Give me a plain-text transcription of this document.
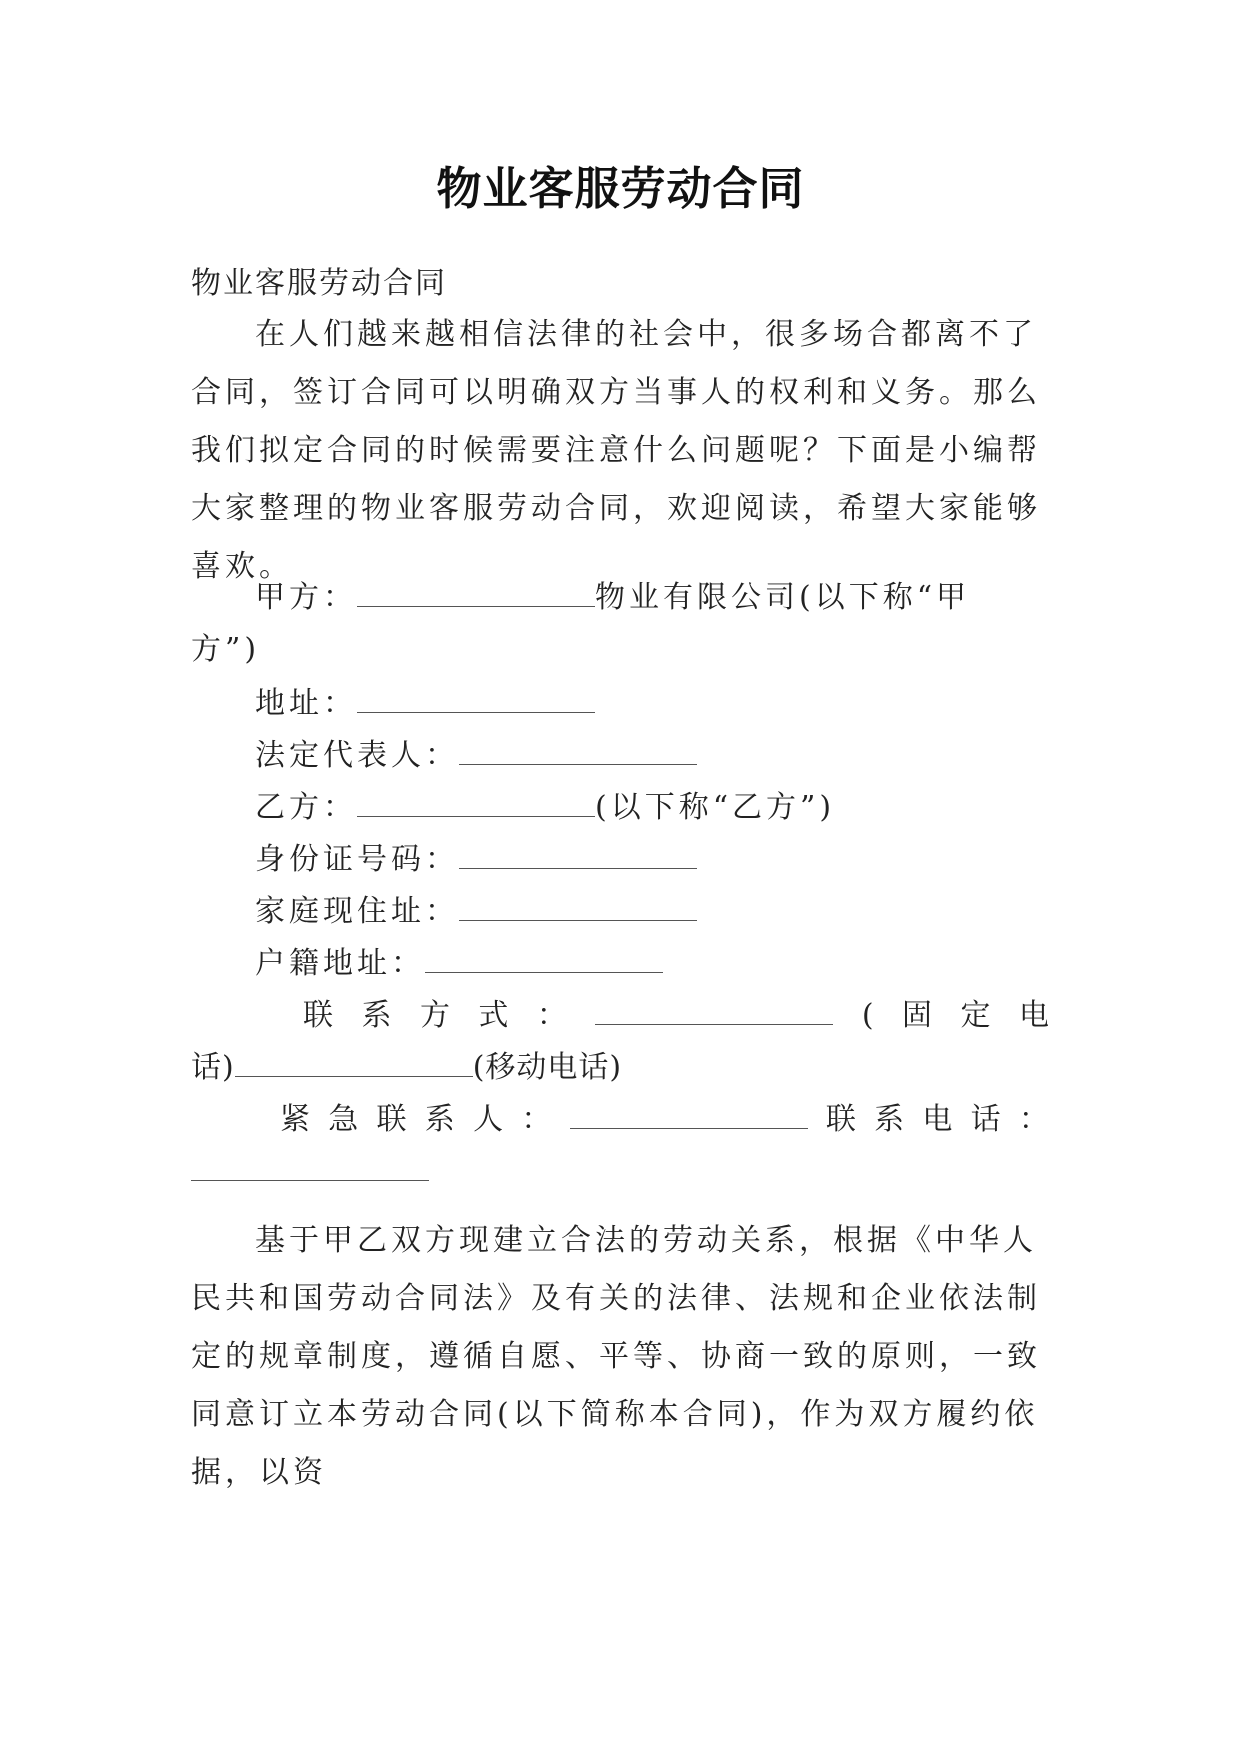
物业客服劳动合同
物业客服劳动合同
在人们越来越相信法律的社会中，很多场合都离不了合同，签订合同可以明确双方当事人的权利和义务。那么我们拟定合同的时候需要注意什么问题呢？下面是小编帮大家整理的物业客服劳动合同，欢迎阅读，希望大家能够喜欢。
甲方：	物业有限公司(以下称“甲
方”)
地址：
法定代表人：
乙方：	(以下称“乙方”)
身份证号码：
家庭现住址：
户籍地址：
联 系 方 式 ：	( 固 定 电
话)	(移动电话)
紧 急 联 系 人 ：	联 系 电 话 ：
基于甲乙双方现建立合法的劳动关系，根据《中华人民共和国劳动合同法》及有关的法律、法规和企业依法制定的规章制度，遵循自愿、平等、协商一致的原则，一致同意订立本劳动合同(以下简称本合同)，作为双方履约依据，以资
